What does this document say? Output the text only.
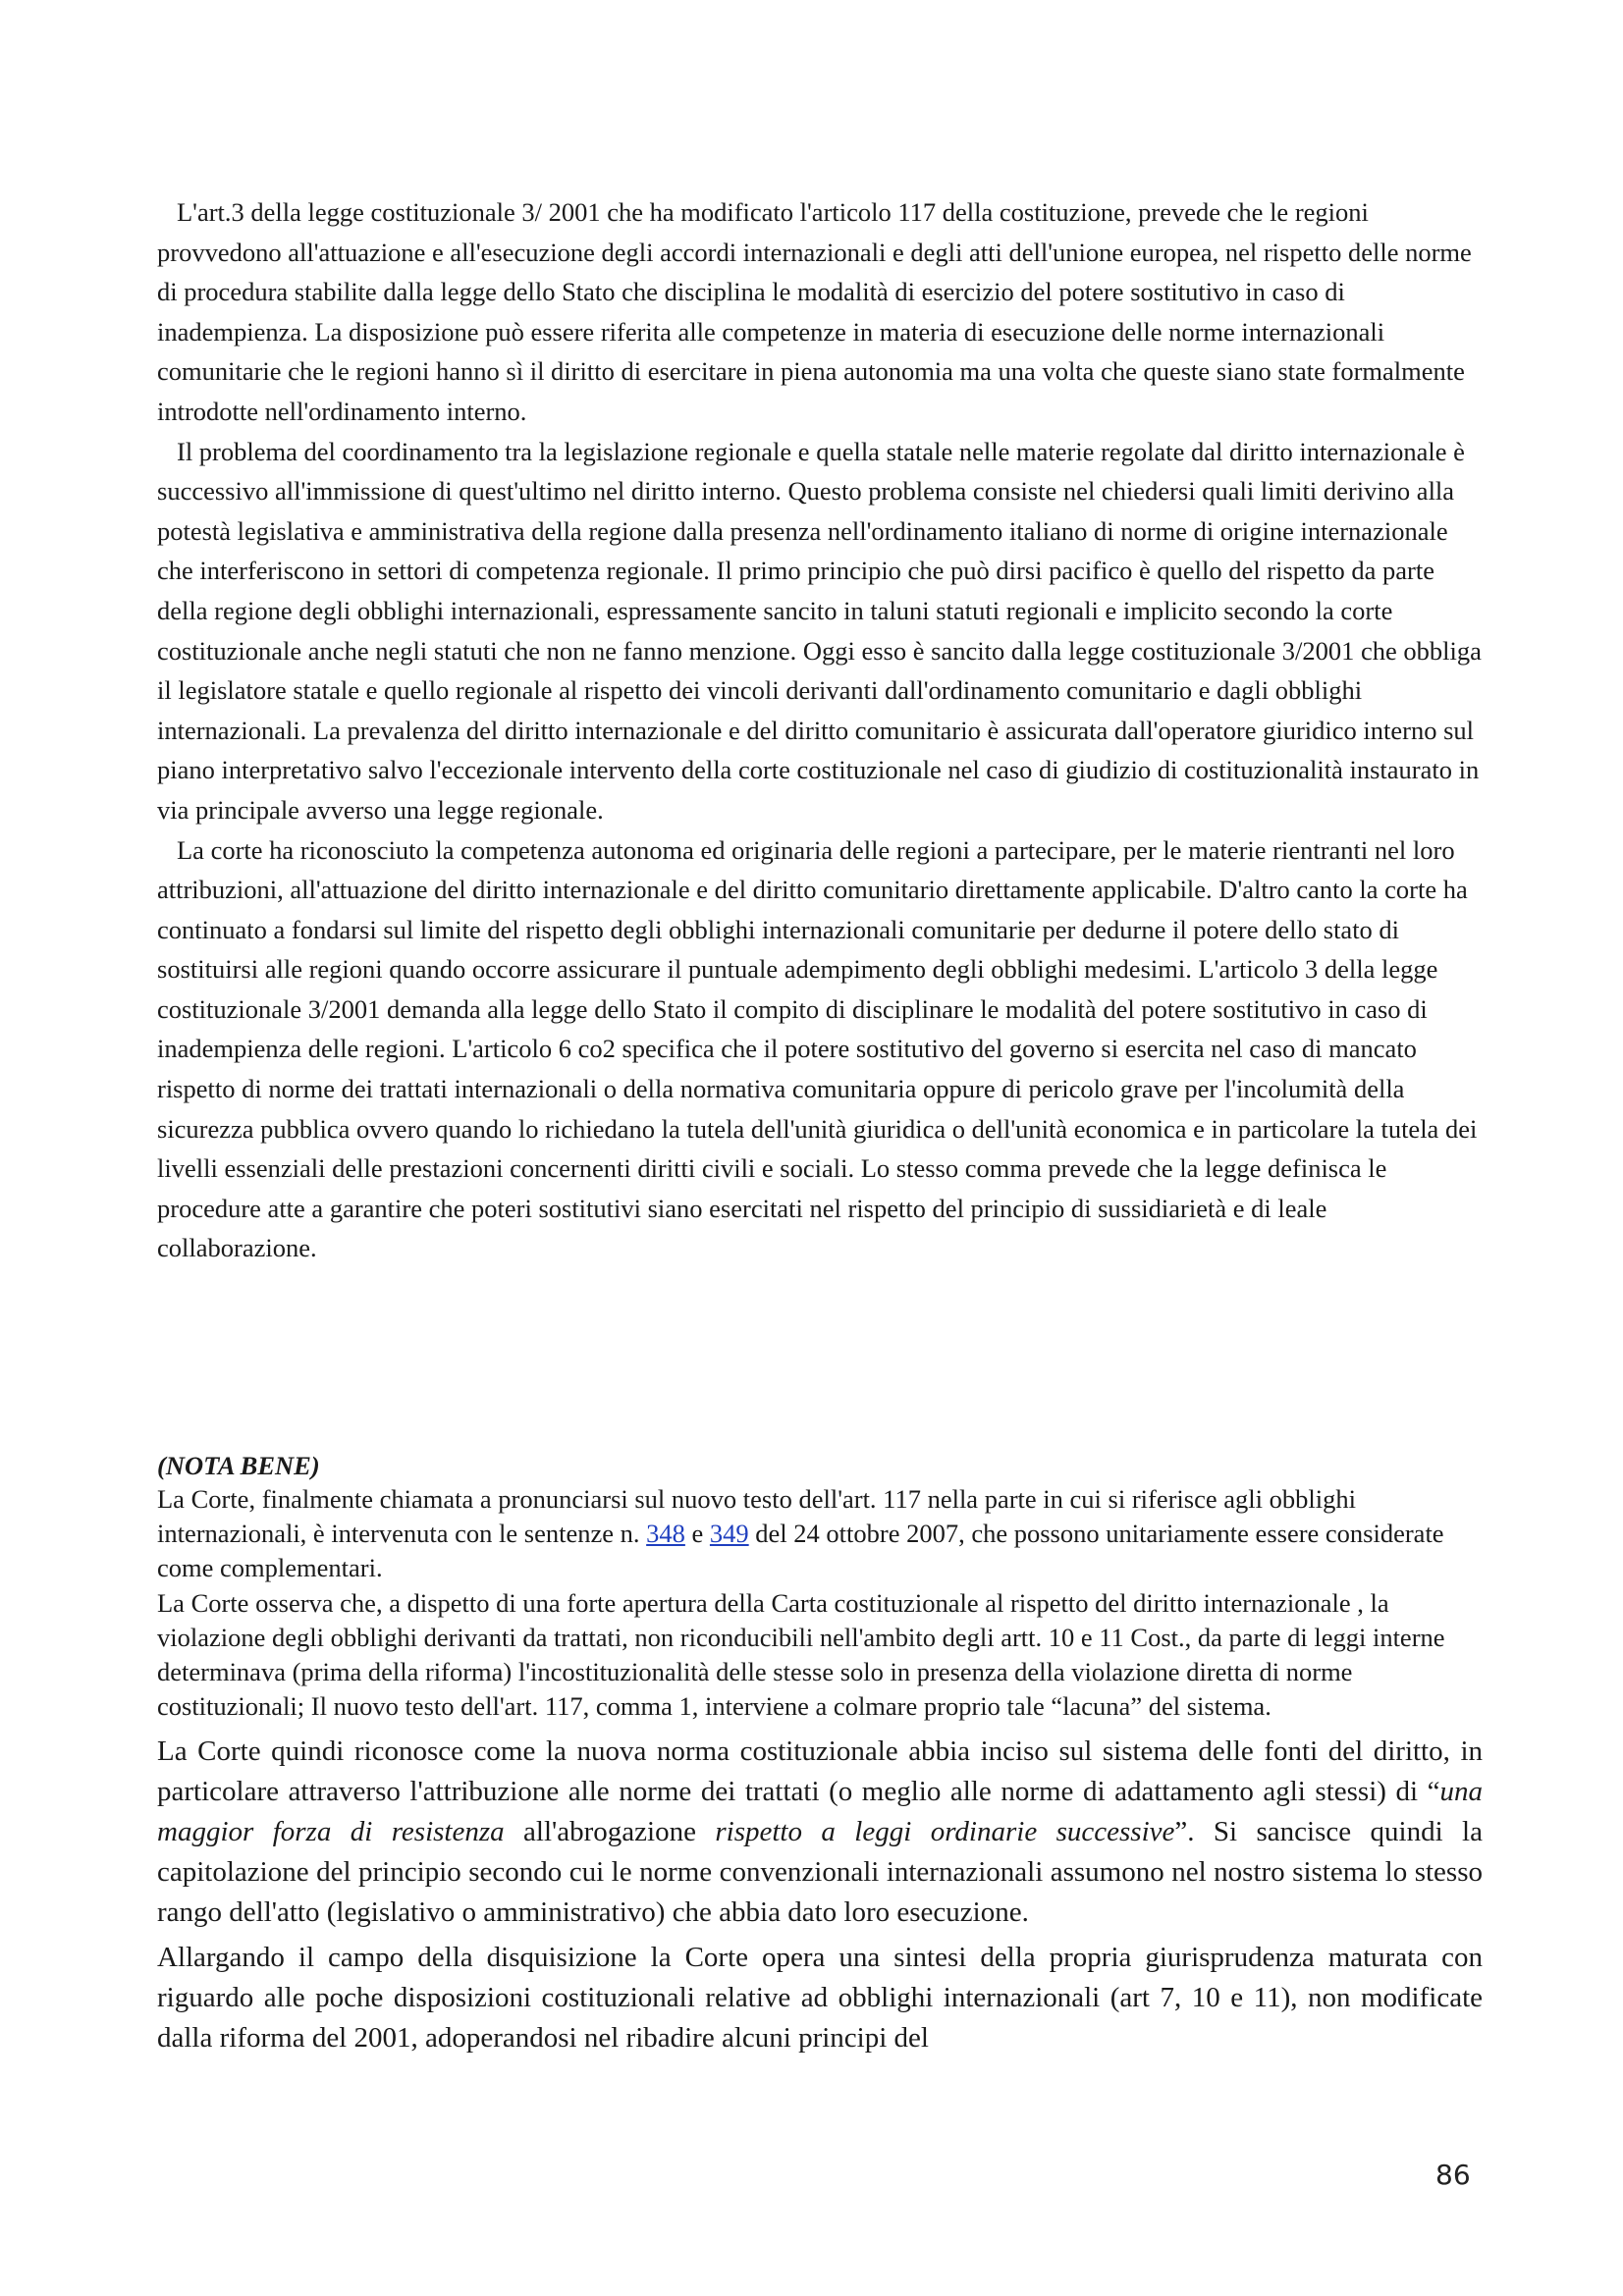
L'art.3 della legge costituzionale 3/ 2001 che ha modificato l'articolo 117 della costituzione, prevede che le regioni provvedono all'attuazione e all'esecuzione degli accordi internazionali e degli atti dell'unione europea, nel rispetto delle norme di procedura stabilite dalla legge dello Stato che disciplina le modalità di esercizio del potere sostitutivo in caso di inadempienza. La disposizione può essere riferita alle competenze in materia di esecuzione delle norme internazionali comunitarie che le regioni hanno sì il diritto di esercitare in piena autonomia ma una volta che queste siano state formalmente introdotte nell'ordinamento interno.

Il problema del coordinamento tra la legislazione regionale e quella statale nelle materie regolate dal diritto internazionale è successivo all'immissione di quest'ultimo nel diritto interno. Questo problema consiste nel chiedersi quali limiti derivino alla potestà legislativa e amministrativa della regione dalla presenza nell'ordinamento italiano di norme di origine internazionale che interferiscono in settori di competenza regionale. Il primo principio che può dirsi pacifico è quello del rispetto da parte della regione degli obblighi internazionali, espressamente sancito in taluni statuti regionali e implicito secondo la corte costituzionale anche negli statuti che non ne fanno menzione. Oggi esso è sancito dalla legge costituzionale 3/2001 che obbliga il legislatore statale e quello regionale al rispetto dei vincoli derivanti dall'ordinamento comunitario e dagli obblighi internazionali. La prevalenza del diritto internazionale e del diritto comunitario è assicurata dall'operatore giuridico interno sul piano interpretativo salvo l'eccezionale intervento della corte costituzionale nel caso di giudizio di costituzionalità instaurato in via principale avverso una legge regionale.

La corte ha riconosciuto la competenza autonoma ed originaria delle regioni a partecipare, per le materie rientranti nel loro attribuzioni, all'attuazione del diritto internazionale e del diritto comunitario direttamente applicabile. D'altro canto la corte ha continuato a fondarsi sul limite del rispetto degli obblighi internazionali comunitarie per dedurne il potere dello stato di sostituirsi alle regioni quando occorre assicurare il puntuale adempimento degli obblighi medesimi. L'articolo 3 della legge costituzionale 3/2001 demanda alla legge dello Stato il compito di disciplinare le modalità del potere sostitutivo in caso di inadempienza delle regioni. L'articolo 6 co2 specifica che il potere sostitutivo del governo si esercita nel caso di mancato rispetto di norme dei trattati internazionali o della normativa comunitaria oppure di pericolo grave per l'incolumità della sicurezza pubblica ovvero quando lo richiedano la tutela dell'unità giuridica o dell'unità economica e in particolare la tutela dei livelli essenziali delle prestazioni concernenti diritti civili e sociali. Lo stesso comma prevede che la legge definisca le procedure atte a garantire che poteri sostitutivi siano esercitati nel rispetto del principio di sussidiarietà e di leale collaborazione.

(NOTA BENE)

La Corte, finalmente chiamata a pronunciarsi sul nuovo testo dell'art. 117 nella parte in cui si riferisce agli obblighi internazionali, è intervenuta con le sentenze n. 348 e 349 del 24 ottobre 2007, che possono unitariamente essere considerate come complementari.

La Corte osserva che, a dispetto di una forte apertura della Carta costituzionale al rispetto del diritto internazionale , la violazione degli obblighi derivanti da trattati, non riconducibili nell'ambito degli artt. 10 e 11 Cost., da parte di leggi interne determinava (prima della riforma) l'incostituzionalità delle stesse solo in presenza della violazione diretta di norme costituzionali; Il nuovo testo dell'art. 117, comma 1, interviene a colmare proprio tale “lacuna” del sistema.

La Corte quindi riconosce come la nuova norma costituzionale abbia inciso sul sistema delle fonti del diritto, in particolare attraverso l'attribuzione alle norme dei trattati (o meglio alle norme di adattamento agli stessi) di “una maggior forza di resistenza all'abrogazione rispetto a leggi ordinarie successive”. Si sancisce quindi la capitolazione del principio secondo cui le norme convenzionali internazionali assumono nel nostro sistema lo stesso rango dell'atto (legislativo o amministrativo) che abbia dato loro esecuzione.

Allargando il campo della disquisizione la Corte opera una sintesi della propria giurisprudenza maturata con riguardo alle poche disposizioni costituzionali relative ad obblighi internazionali (art 7, 10 e 11), non modificate dalla riforma del 2001, adoperandosi nel ribadire alcuni principi del

86
